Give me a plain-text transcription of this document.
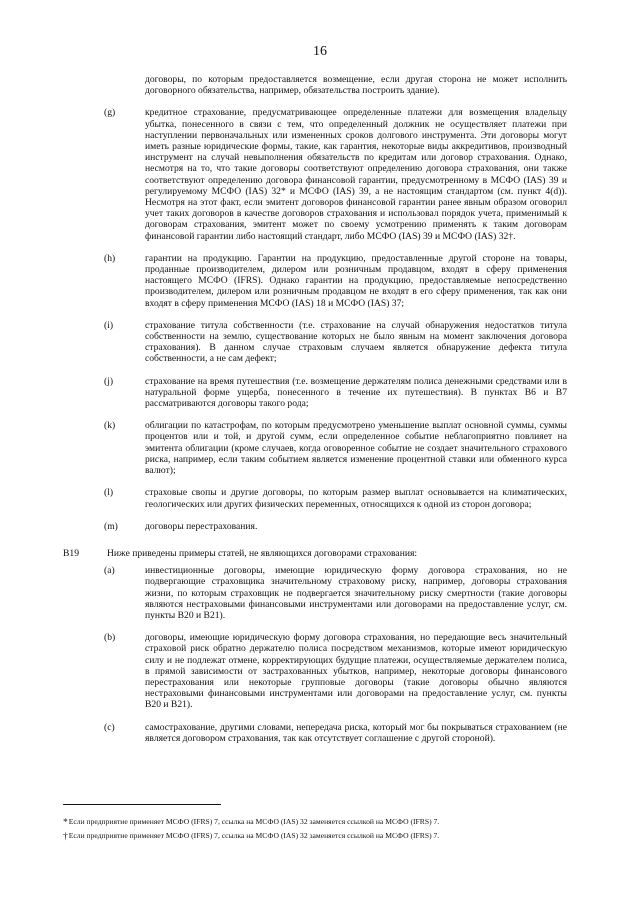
16
договоры, по которым предоставляется возмещение, если другая сторона не может исполнить договорного обязательства, например, обязательства построить здание).
(g)	кредитное страхование, предусматривающее определенные платежи для возмещения владельцу убытка, понесенного в связи с тем, что определенный должник не осуществляет платежи при наступлении первоначальных или измененных сроков долгового инструмента. Эти договоры могут иметь разные юридические формы, такие, как гарантия, некоторые виды аккредитивов, производный инструмент на случай невыполнения обязательств по кредитам или договор страхования. Однако, несмотря на то, что такие договоры соответствуют определению договора страхования, они также соответствуют определению договора финансовой гарантии, предусмотренному в МСФО (IAS) 39 и регулируемому МСФО (IAS) 32* и МСФО (IAS) 39, а не настоящим стандартом (см. пункт 4(d)). Несмотря на этот факт, если эмитент договоров финансовой гарантии ранее явным образом оговорил учет таких договоров в качестве договоров страхования и использовал порядок учета, применимый к договорам страхования, эмитент может по своему усмотрению применять к таким договорам финансовой гарантии либо настоящий стандарт, либо МСФО (IAS) 39 и МСФО (IAS) 32†.
(h)	гарантии на продукцию. Гарантии на продукцию, предоставленные другой стороне на товары, проданные производителем, дилером или розничным продавцом, входят в сферу применения настоящего МСФО (IFRS). Однако гарантии на продукцию, предоставляемые непосредственно производителем, дилером или розничным продавцом не входят в его сферу применения, так как они входят в сферу применения МСФО (IAS) 18 и МСФО (IAS) 37;
(i)	страхование титула собственности (т.е. страхование на случай обнаружения недостатков титула собственности на землю, существование которых не было явным на момент заключения договора страхования). В данном случае страховым случаем является обнаружение дефекта титула собственности, а не сам дефект;
(j)	страхование на время путешествия (т.е. возмещение держателям полиса денежными средствами или в натуральной форме ущерба, понесенного в течение их путешествия). В пунктах В6 и В7 рассматриваются договоры такого рода;
(k)	облигации по катастрофам, по которым предусмотрено уменьшение выплат основной суммы, суммы процентов или и той, и другой сумм, если определенное событие неблагоприятно повлияет на эмитента облигации (кроме случаев, когда оговоренное событие не создает значительного страхового риска, например, если таким событием является изменение процентной ставки или обменного курса валют);
(l)	страховые свопы и другие договоры, по которым размер выплат основывается на климатических, геологических или других физических переменных, относящихся к одной из сторон договора;
(m)	договоры перестрахования.
B19	Ниже приведены примеры статей, не являющихся договорами страхования:
(a)	инвестиционные договоры, имеющие юридическую форму договора страхования, но не подвергающие страховщика значительному страховому риску, например, договоры страхования жизни, по которым страховщик не подвергается значительному риску смертности (такие договоры являются нестраховыми финансовыми инструментами или договорами на предоставление услуг, см. пункты В20 и В21).
(b)	договоры, имеющие юридическую форму договора страхования, но передающие весь значительный страховой риск обратно держателю полиса посредством механизмов, которые имеют юридическую силу и не подлежат отмене, корректирующих будущие платежи, осуществляемые держателем полиса, в прямой зависимости от застрахованных убытков, например, некоторые договоры финансового перестрахования или некоторые групповые договоры (такие договоры обычно являются нестраховыми финансовыми инструментами или договорами на предоставление услуг, см. пункты В20 и В21).
(c)	самострахование, другими словами, непередача риска, который мог бы покрываться страхованием (не является договором страхования, так как отсутствует соглашение с другой стороной).
*Если предприятие применяет МСФО (IFRS) 7, ссылка на МСФО (IAS) 32 заменяется ссылкой на МСФО (IFRS) 7.
†Если предприятие применяет МСФО (IFRS) 7, ссылка на МСФО (IAS) 32 заменяется ссылкой на МСФО (IFRS) 7.
